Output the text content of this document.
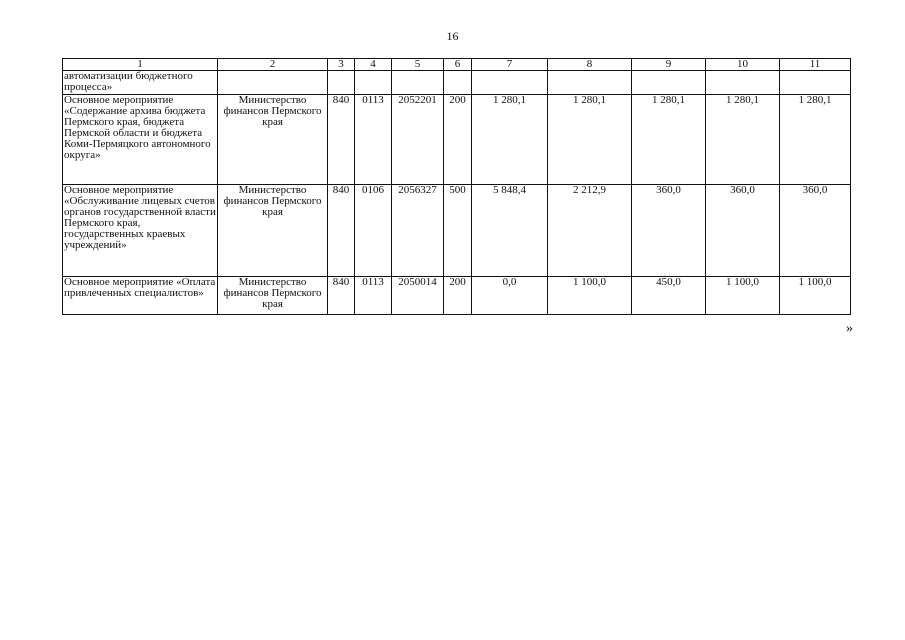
16
1	2	3	4	5	6	7	8	9	10	11
автоматизации бюджетного процесса»										
Основное мероприятие «Содержание архива бюджета Пермского края, бюджета Пермской области и бюджета Коми-Пермяцкого автономного округа»	Министерство финансов Пермского края	840	0113	2052201	200	1 280,1	1 280,1	1 280,1	1 280,1	1 280,1
Основное мероприятие «Обслуживание лицевых счетов органов государственной власти Пермского края, государственных краевых учреждений»	Министерство финансов Пермского края	840	0106	2056327	500	5 848,4	2 212,9	360,0	360,0	360,0
Основное мероприятие «Оплата привлеченных специалистов»	Министерство финансов Пермского края	840	0113	2050014	200	0,0	1 100,0	450,0	1 100,0	1 100,0
»
